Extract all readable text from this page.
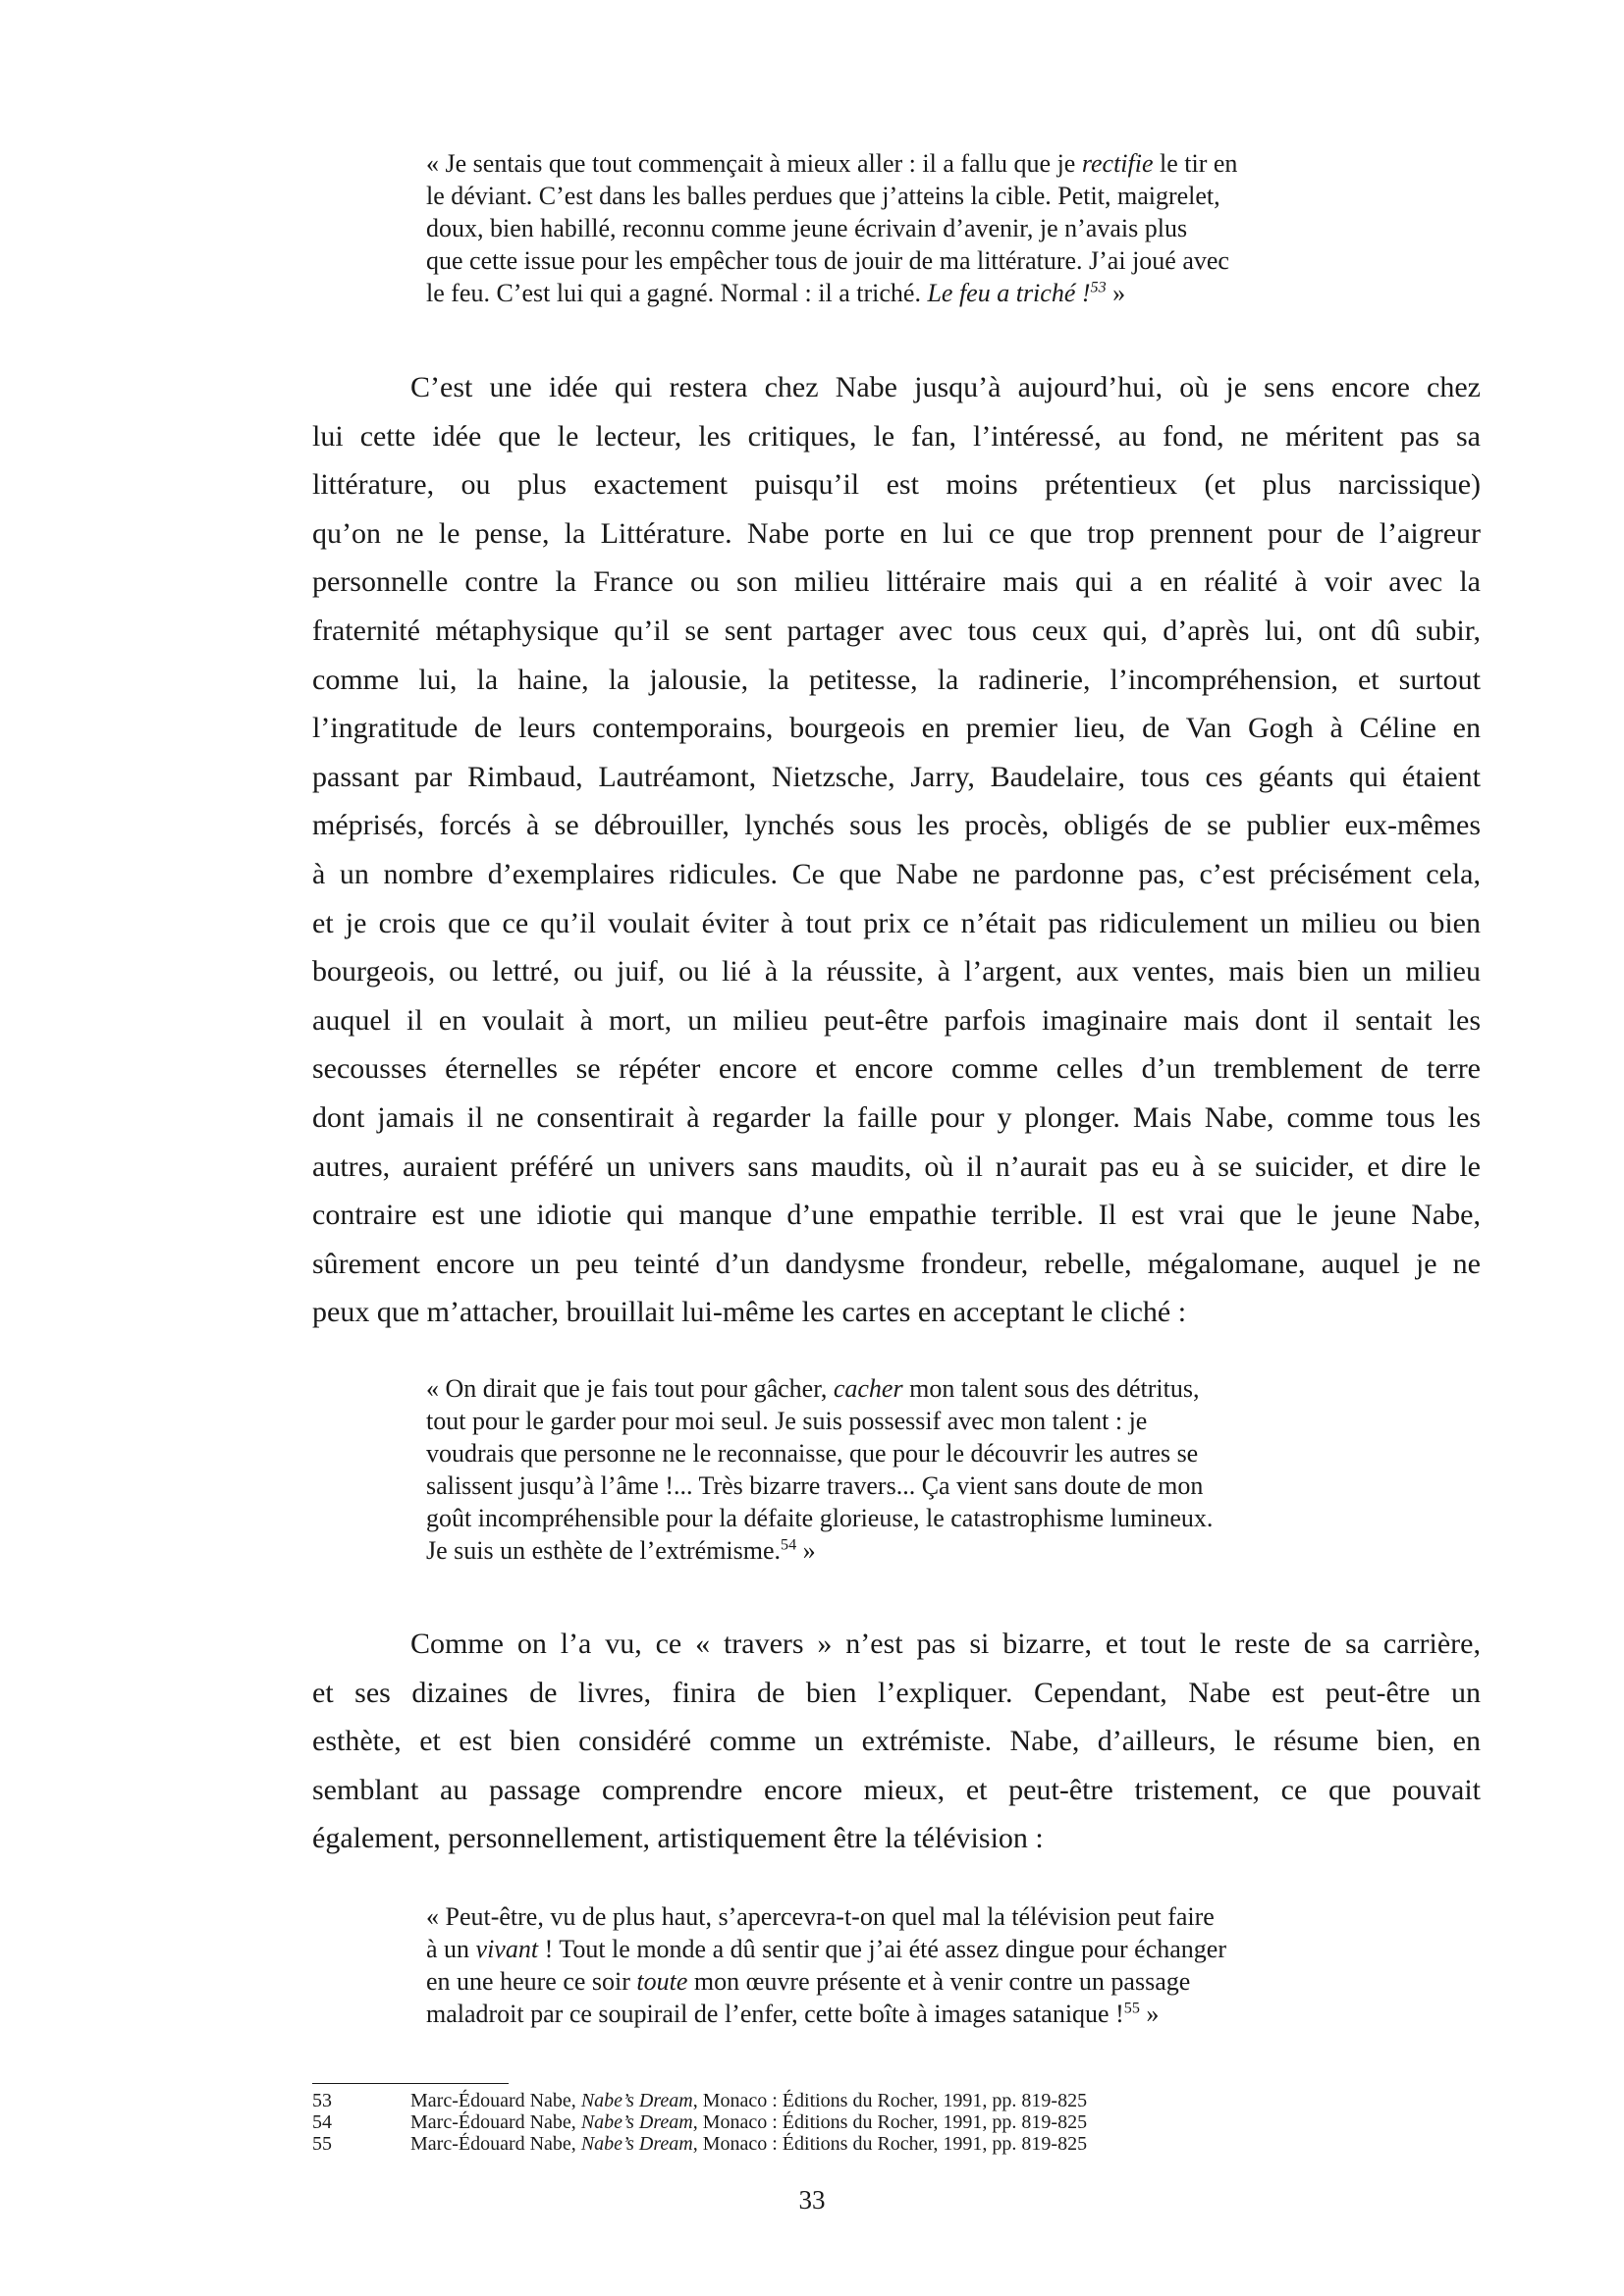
« Je sentais que tout commençait à mieux aller : il a fallu que je rectifie le tir en
le déviant. C’est dans les balles perdues que j’atteins la cible. Petit, maigrelet,
doux, bien habillé, reconnu comme jeune écrivain d’avenir, je n’avais plus
que cette issue pour les empêcher tous de jouir de ma littérature. J’ai joué avec
le feu. C’est lui qui a gagné. Normal : il a triché. Le feu a triché !$^{53}$ »
C’est une idée qui restera chez Nabe jusqu’à aujourd’hui, où je sens encore chez
lui cette idée que le lecteur, les critiques, le fan, l’intéressé, au fond, ne méritent pas sa
littérature, ou plus exactement puisqu’il est moins prétentieux (et plus narcissique)
qu’on ne le pense, la Littérature. Nabe porte en lui ce que trop prennent pour de l’aigreur
personnelle contre la France ou son milieu littéraire mais qui a en réalité à voir avec la
fraternité métaphysique qu’il se sent partager avec tous ceux qui, d’après lui, ont dû subir,
comme lui, la haine, la jalousie, la petitesse, la radinerie, l’incompréhension, et surtout
l’ingratitude de leurs contemporains, bourgeois en premier lieu, de Van Gogh à Céline en
passant par Rimbaud, Lautréamont, Nietzsche, Jarry, Baudelaire, tous ces géants qui étaient
méprisés, forcés à se débrouiller, lynchés sous les procès, obligés de se publier eux-mêmes
à un nombre d’exemplaires ridicules. Ce que Nabe ne pardonne pas, c’est précisément cela,
et je crois que ce qu’il voulait éviter à tout prix ce n’était pas ridiculement un milieu ou bien
bourgeois, ou lettré, ou juif, ou lié à la réussite, à l’argent, aux ventes, mais bien un milieu
auquel il en voulait à mort, un milieu peut-être parfois imaginaire mais dont il sentait les
secousses éternelles se répéter encore et encore comme celles d’un tremblement de terre
dont jamais il ne consentirait à regarder la faille pour y plonger. Mais Nabe, comme tous les
autres, auraient préféré un univers sans maudits, où il n’aurait pas eu à se suicider, et dire le
contraire est une idiotie qui manque d’une empathie terrible. Il est vrai que le jeune Nabe,
sûrement encore un peu teinté d’un dandysme frondeur, rebelle, mégalomane, auquel je ne
peux que m’attacher, brouillait lui-même les cartes en acceptant le cliché :
« On dirait que je fais tout pour gâcher, cacher mon talent sous des détritus,
tout pour le garder pour moi seul. Je suis possessif avec mon talent : je
voudrais que personne ne le reconnaisse, que pour le découvrir les autres se
salissent jusqu’à l’âme !... Très bizarre travers... Ça vient sans doute de mon
goût incompréhensible pour la défaite glorieuse, le catastrophisme lumineux.
Je suis un esthète de l’extrémisme.$^{54}$ »
Comme on l’a vu, ce « travers » n’est pas si bizarre, et tout le reste de sa carrière,
et ses dizaines de livres, finira de bien l’expliquer. Cependant, Nabe est peut-être un
esthète, et est bien considéré comme un extrémiste. Nabe, d’ailleurs, le résume bien, en
semblant au passage comprendre encore mieux, et peut-être tristement, ce que pouvait
également, personnellement, artistiquement être la télévision :
« Peut-être, vu de plus haut, s’apercevra-t-on quel mal la télévision peut faire
à un vivant ! Tout le monde a dû sentir que j’ai été assez dingue pour échanger
en une heure ce soir toute mon œuvre présente et à venir contre un passage
maladroit par ce soupirail de l’enfer, cette boîte à images satanique !$^{55}$ »
53	Marc-Édouard Nabe, Nabe’s Dream, Monaco : Éditions du Rocher, 1991, pp. 819-825
54	Marc-Édouard Nabe, Nabe’s Dream, Monaco : Éditions du Rocher, 1991, pp. 819-825
55	Marc-Édouard Nabe, Nabe’s Dream, Monaco : Éditions du Rocher, 1991, pp. 819-825
33
